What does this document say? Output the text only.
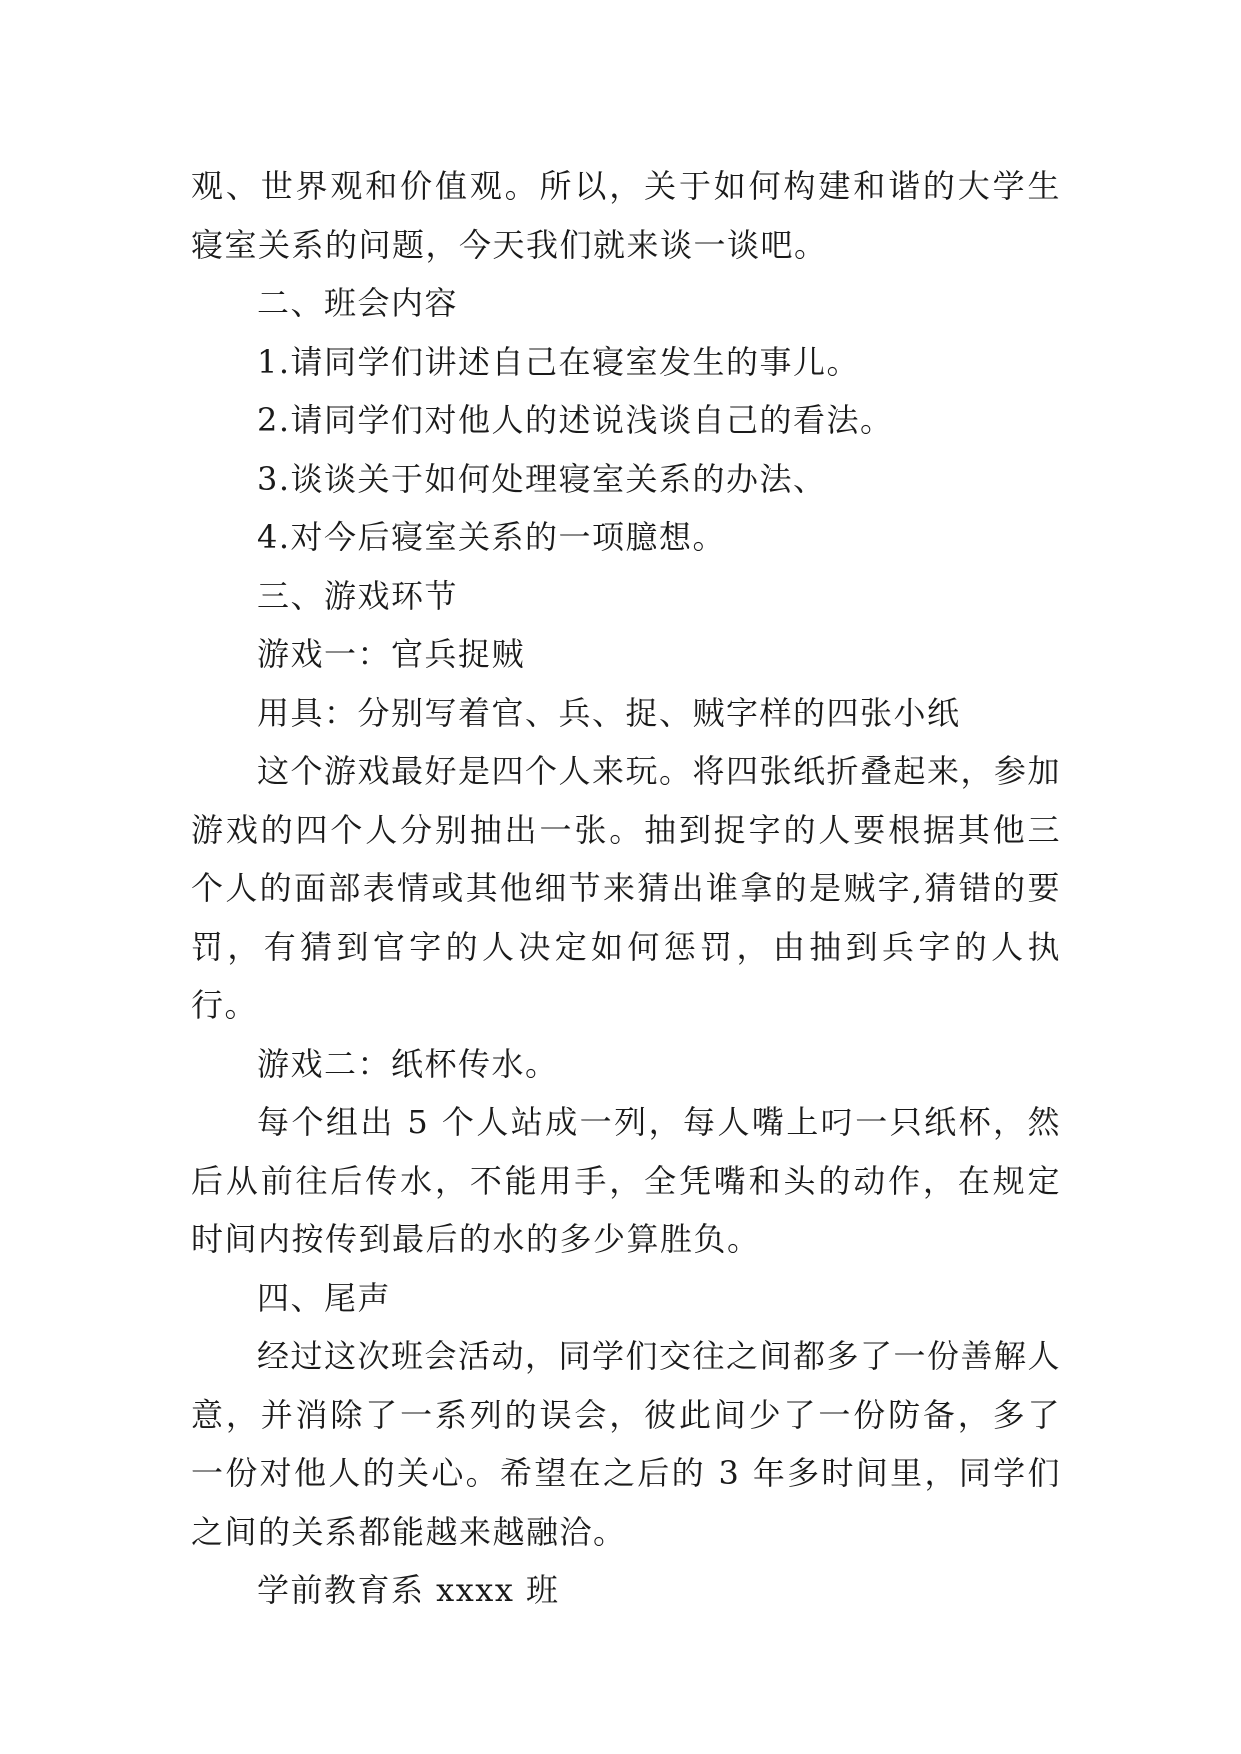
观、世界观和价值观。所以，关于如何构建和谐的大学生寝室关系的问题，今天我们就来谈一谈吧。

二、班会内容

1.请同学们讲述自己在寝室发生的事儿。

2.请同学们对他人的述说浅谈自己的看法。

3.谈谈关于如何处理寝室关系的办法、

4.对今后寝室关系的一项臆想。

三、游戏环节

游戏一：官兵捉贼

用具：分别写着官、兵、捉、贼字样的四张小纸

这个游戏最好是四个人来玩。将四张纸折叠起来，参加游戏的四个人分别抽出一张。抽到捉字的人要根据其他三个人的面部表情或其他细节来猜出谁拿的是贼字,猜错的要罚，有猜到官字的人决定如何惩罚，由抽到兵字的人执行。

游戏二：纸杯传水。

每个组出 5 个人站成一列，每人嘴上叼一只纸杯，然后从前往后传水，不能用手，全凭嘴和头的动作，在规定时间内按传到最后的水的多少算胜负。

四、尾声

经过这次班会活动，同学们交往之间都多了一份善解人意，并消除了一系列的误会，彼此间少了一份防备，多了一份对他人的关心。希望在之后的 3 年多时间里，同学们之间的关系都能越来越融洽。

学前教育系 xxxx 班
